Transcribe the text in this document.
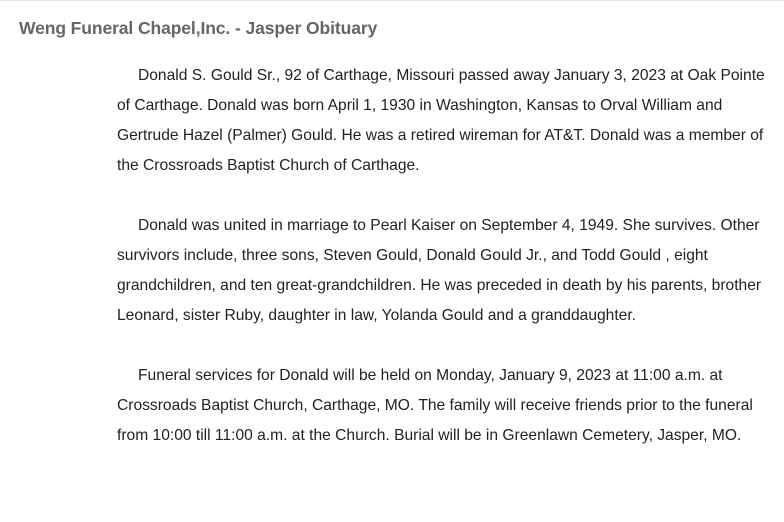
Weng Funeral Chapel,Inc. - Jasper Obituary

Donald S. Gould Sr., 92 of Carthage, Missouri passed away January 3, 2023 at Oak Pointe of Carthage. Donald was born April 1, 1930 in Washington, Kansas to Orval William and Gertrude Hazel (Palmer) Gould. He was a retired wireman for AT&T. Donald was a member of the Crossroads Baptist Church of Carthage.

Donald was united in marriage to Pearl Kaiser on September 4, 1949. She survives. Other survivors include, three sons, Steven Gould, Donald Gould Jr., and Todd Gould , eight grandchildren, and ten great-grandchildren. He was preceded in death by his parents, brother Leonard, sister Ruby, daughter in law, Yolanda Gould and a granddaughter.

Funeral services for Donald will be held on Monday, January 9, 2023 at 11:00 a.m. at Crossroads Baptist Church, Carthage, MO. The family will receive friends prior to the funeral from 10:00 till 11:00 a.m. at the Church. Burial will be in Greenlawn Cemetery, Jasper, MO.
